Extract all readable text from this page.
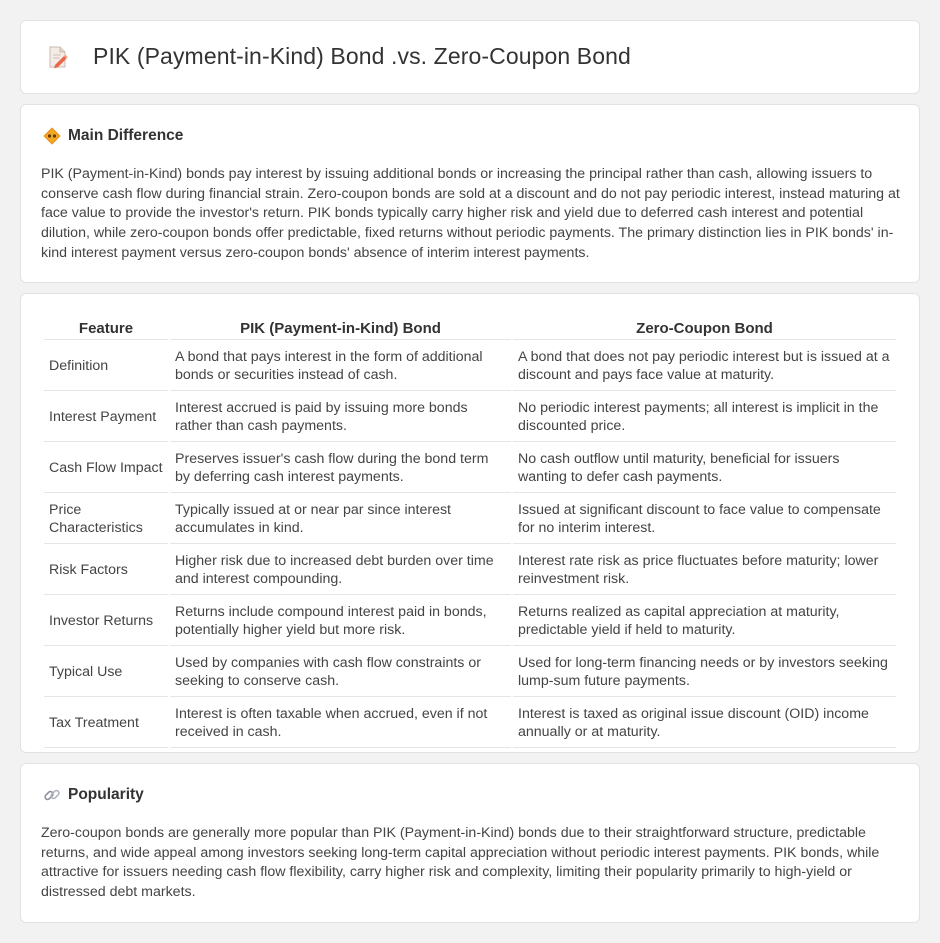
PIK (Payment-in-Kind) Bond .vs. Zero-Coupon Bond
Main Difference

PIK (Payment-in-Kind) bonds pay interest by issuing additional bonds or increasing the principal rather than cash, allowing issuers to conserve cash flow during financial strain. Zero-coupon bonds are sold at a discount and do not pay periodic interest, instead maturing at face value to provide the investor's return. PIK bonds typically carry higher risk and yield due to deferred cash interest and potential dilution, while zero-coupon bonds offer predictable, fixed returns without periodic payments. The primary distinction lies in PIK bonds' in-kind interest payment versus zero-coupon bonds' absence of interim interest payments.

Feature	PIK (Payment-in-Kind) Bond	Zero-Coupon Bond
Definition	A bond that pays interest in the form of additional bonds or securities instead of cash.	A bond that does not pay periodic interest but is issued at a discount and pays face value at maturity.
Interest Payment	Interest accrued is paid by issuing more bonds rather than cash payments.	No periodic interest payments; all interest is implicit in the discounted price.
Cash Flow Impact	Preserves issuer's cash flow during the bond term by deferring cash interest payments.	No cash outflow until maturity, beneficial for issuers wanting to defer cash payments.
Price Characteristics	Typically issued at or near par since interest accumulates in kind.	Issued at significant discount to face value to compensate for no interim interest.
Risk Factors	Higher risk due to increased debt burden over time and interest compounding.	Interest rate risk as price fluctuates before maturity; lower reinvestment risk.
Investor Returns	Returns include compound interest paid in bonds, potentially higher yield but more risk.	Returns realized as capital appreciation at maturity, predictable yield if held to maturity.
Typical Use	Used by companies with cash flow constraints or seeking to conserve cash.	Used for long-term financing needs or by investors seeking lump-sum future payments.
Tax Treatment	Interest is often taxable when accrued, even if not received in cash.	Interest is taxed as original issue discount (OID) income annually or at maturity.
Popularity

Zero-coupon bonds are generally more popular than PIK (Payment-in-Kind) bonds due to their straightforward structure, predictable returns, and wide appeal among investors seeking long-term capital appreciation without periodic interest payments. PIK bonds, while attractive for issuers needing cash flow flexibility, carry higher risk and complexity, limiting their popularity primarily to high-yield or distressed debt markets.
